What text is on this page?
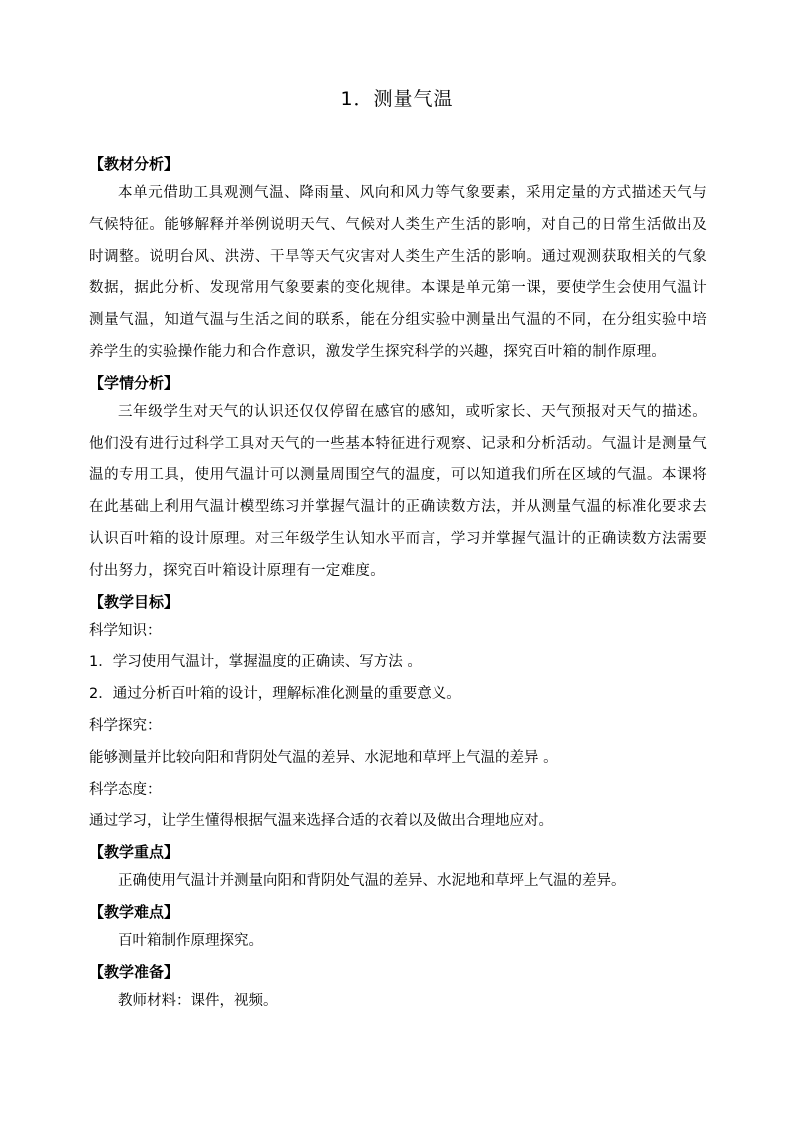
1．测量气温
【教材分析】
本单元借助工具观测气温、降雨量、风向和风力等气象要素，采用定量的方式描述天气与气候特征。能够解释并举例说明天气、气候对人类生产生活的影响，对自己的日常生活做出及时调整。说明台风、洪涝、干旱等天气灾害对人类生产生活的影响。通过观测获取相关的气象数据，据此分析、发现常用气象要素的变化规律。本课是单元第一课，要使学生会使用气温计测量气温，知道气温与生活之间的联系，能在分组实验中测量出气温的不同，在分组实验中培养学生的实验操作能力和合作意识，激发学生探究科学的兴趣，探究百叶箱的制作原理。
【学情分析】
三年级学生对天气的认识还仅仅停留在感官的感知，或听家长、天气预报对天气的描述。他们没有进行过科学工具对天气的一些基本特征进行观察、记录和分析活动。气温计是测量气温的专用工具，使用气温计可以测量周围空气的温度，可以知道我们所在区域的气温。本课将在此基础上利用气温计模型练习并掌握气温计的正确读数方法，并从测量气温的标准化要求去认识百叶箱的设计原理。对三年级学生认知水平而言，学习并掌握气温计的正确读数方法需要付出努力，探究百叶箱设计原理有一定难度。
【教学目标】
科学知识：
1．学习使用气温计，掌握温度的正确读、写方法 。
2．通过分析百叶箱的设计，理解标准化测量的重要意义。
科学探究：
能够测量并比较向阳和背阴处气温的差异、水泥地和草坪上气温的差异 。
科学态度：
通过学习，让学生懂得根据气温来选择合适的衣着以及做出合理地应对。
【教学重点】
正确使用气温计并测量向阳和背阴处气温的差异、水泥地和草坪上气温的差异。
【教学难点】
百叶箱制作原理探究。
【教学准备】
教师材料：课件，视频。
